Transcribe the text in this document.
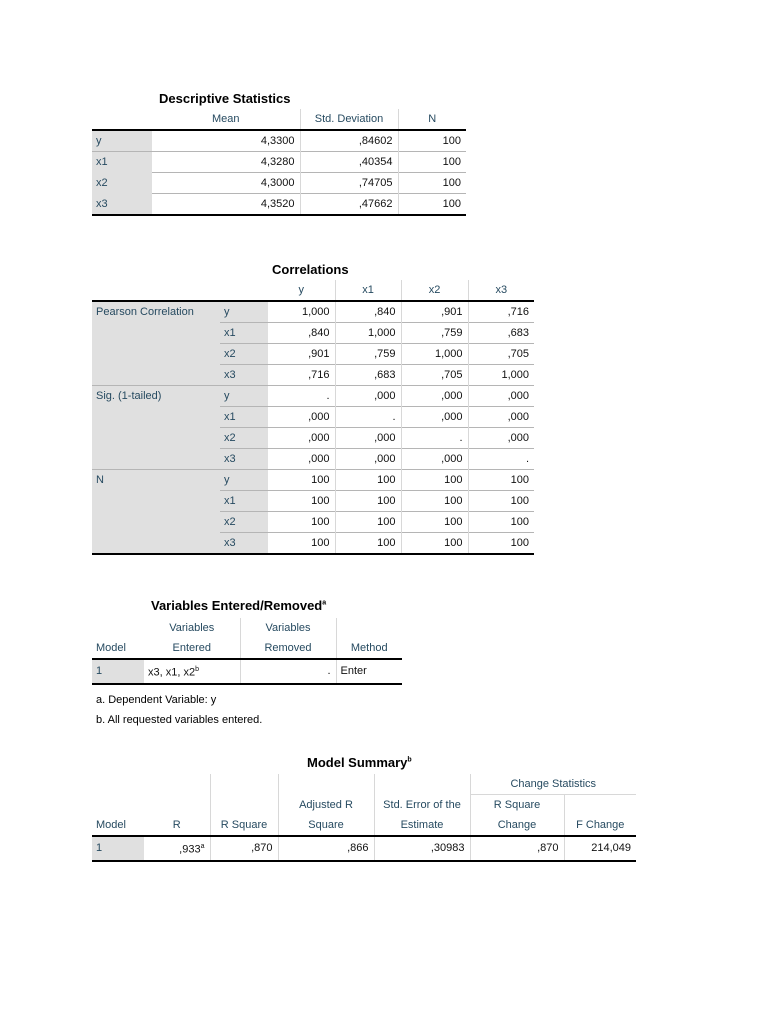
Descriptive Statistics
	Mean	Std. Deviation	N
y	4,3300	,84602	100
x1	4,3280	,40354	100
x2	4,3000	,74705	100
x3	4,3520	,47662	100
Correlations
		y	x1	x2	x3
Pearson Correlation	y	1,000	,840	,901	,716
	x1	,840	1,000	,759	,683
	x2	,901	,759	1,000	,705
	x3	,716	,683	,705	1,000
Sig. (1-tailed)	y	.	,000	,000	,000
	x1	,000	.	,000	,000
	x2	,000	,000	.	,000
	x3	,000	,000	,000	.
N	y	100	100	100	100
	x1	100	100	100	100
	x2	100	100	100	100
	x3	100	100	100	100
Variables Entered/Removed$^a$
	Variables	Variables	
Model	Entered	Removed	Method
1	x3, x1, x2$^b$	.	Enter
a. Dependent Variable: y
b. All requested variables entered.
Model Summary$^b$
					Change Statistics	
			Adjusted R	Std. Error of the	R Square	
Model	R	R Square	Square	Estimate	Change	F Change
1	,933$^a$	,870	,866	,30983	,870	214,049
